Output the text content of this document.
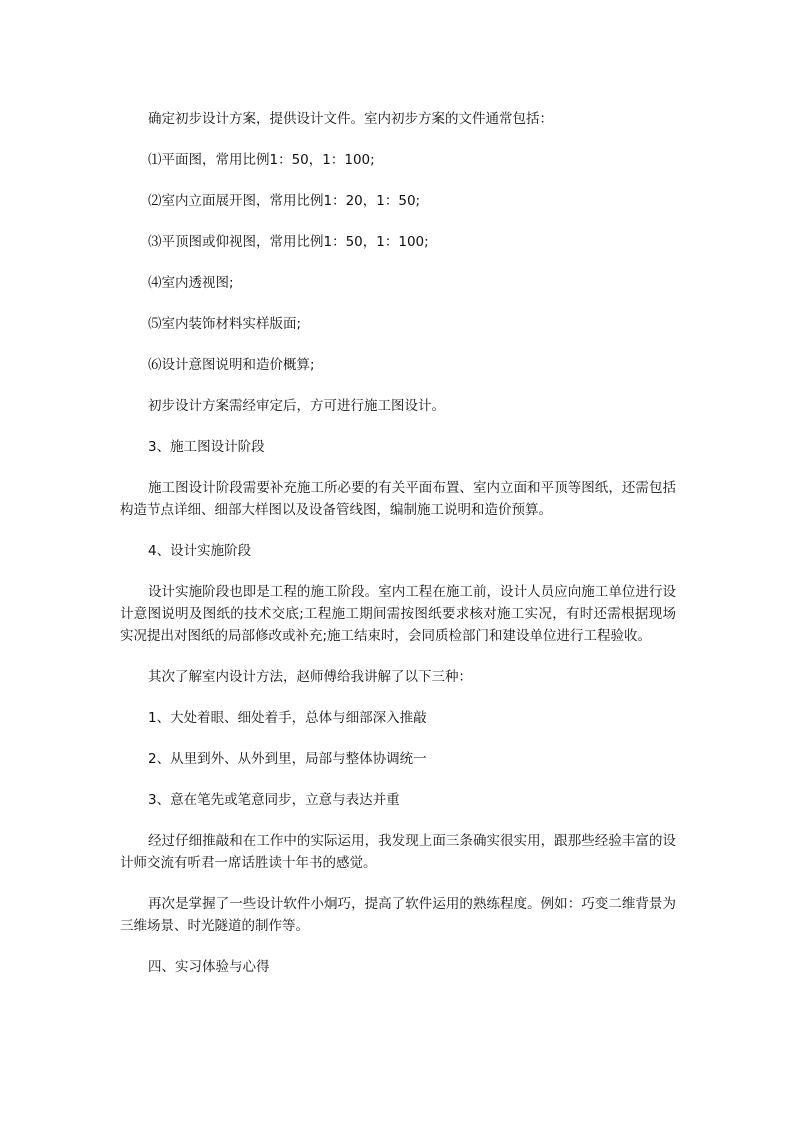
确定初步设计方案，提供设计文件。室内初步方案的文件通常包括：

⑴平面图，常用比例1：50，1：100;

⑵室内立面展开图，常用比例1：20，1：50;

⑶平顶图或仰视图，常用比例1：50，1：100;

⑷室内透视图;

⑸室内装饰材料实样版面;

⑹设计意图说明和造价概算;

初步设计方案需经审定后，方可进行施工图设计。

3、施工图设计阶段

施工图设计阶段需要补充施工所必要的有关平面布置、室内立面和平顶等图纸，还需包括构造节点详细、细部大样图以及设备管线图，编制施工说明和造价预算。

4、设计实施阶段

设计实施阶段也即是工程的施工阶段。室内工程在施工前，设计人员应向施工单位进行设计意图说明及图纸的技术交底;工程施工期间需按图纸要求核对施工实况，有时还需根据现场实况提出对图纸的局部修改或补充;施工结束时，会同质检部门和建设单位进行工程验收。

其次了解室内设计方法，赵师傅给我讲解了以下三种：

1、大处着眼、细处着手，总体与细部深入推敲

2、从里到外、从外到里，局部与整体协调统一

3、意在笔先或笔意同步，立意与表达并重

经过仔细推敲和在工作中的实际运用，我发现上面三条确实很实用，跟那些经验丰富的设计师交流有听君一席话胜读十年书的感觉。

再次是掌握了一些设计软件小炯巧，提高了软件运用的熟练程度。例如：巧变二维背景为三维场景、时光隧道的制作等。

四、实习体验与心得
